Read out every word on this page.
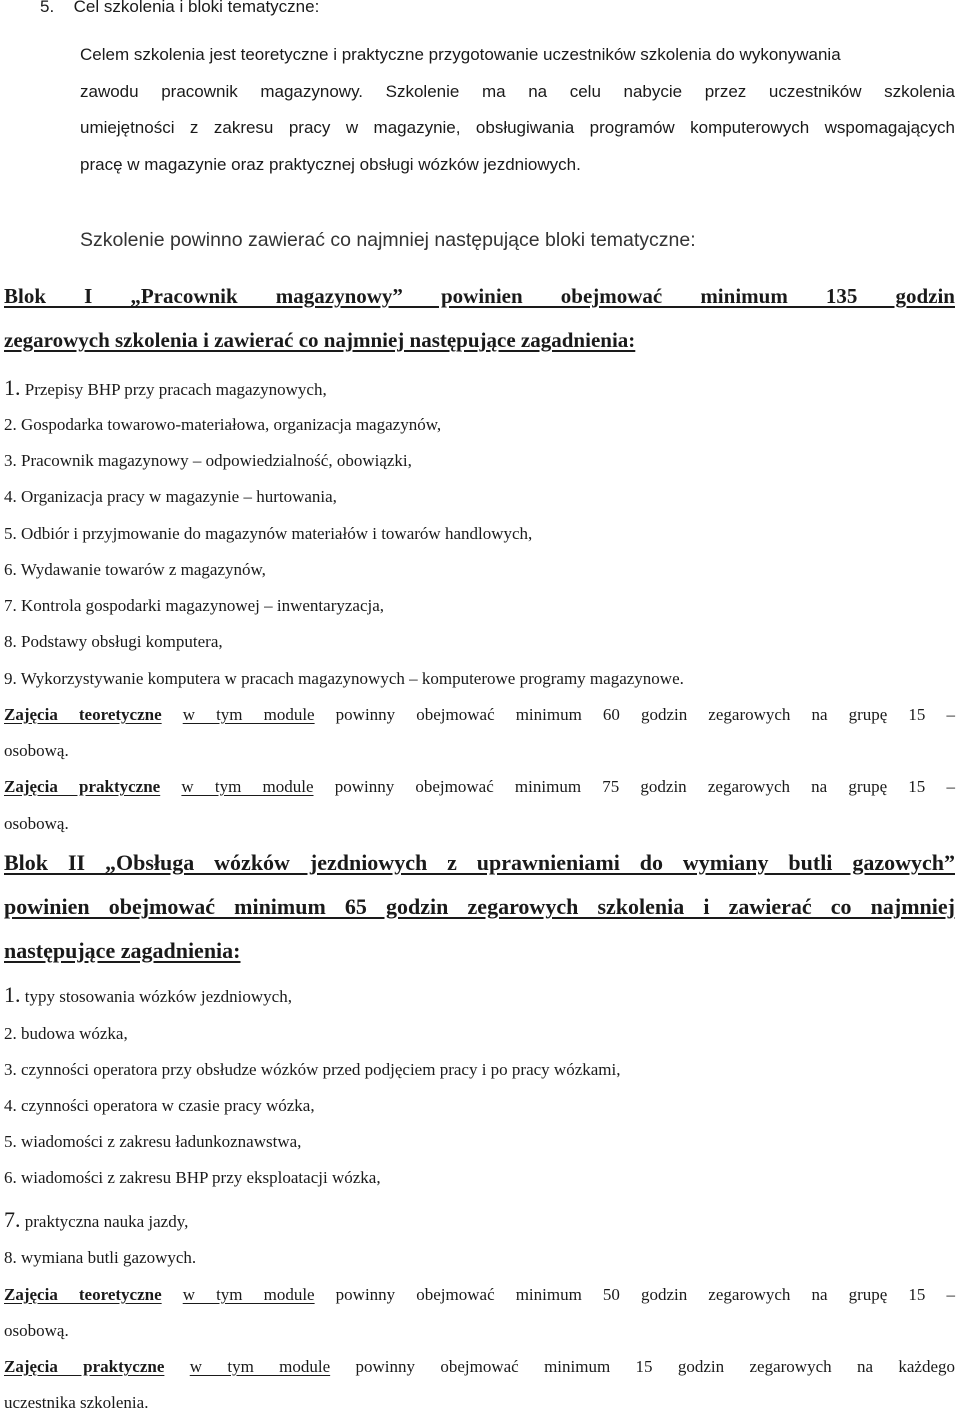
5. Cel szkolenia i bloki tematyczne:
Celem szkolenia jest teoretyczne i praktyczne przygotowanie uczestników szkolenia do wykonywania
zawodu pracownik magazynowy. Szkolenie ma na celu nabycie przez uczestników szkolenia
umiejętności z zakresu pracy w magazynie, obsługiwania programów komputerowych wspomagających
pracę w magazynie oraz praktycznej obsługi wózków jezdniowych.
Szkolenie powinno zawierać co najmniej następujące bloki tematyczne:
Blok I „Pracownik magazynowy” powinien obejmować minimum 135 godzin
zegarowych szkolenia i zawierać co najmniej następujące zagadnienia:
1. Przepisy BHP przy pracach magazynowych,
2. Gospodarka towarowo-materiałowa, organizacja magazynów,
3. Pracownik magazynowy – odpowiedzialność, obowiązki,
4. Organizacja pracy w magazynie – hurtowania,
5. Odbiór i przyjmowanie do magazynów materiałów i towarów handlowych,
6. Wydawanie towarów z magazynów,
7. Kontrola gospodarki magazynowej – inwentaryzacja,
8. Podstawy obsługi komputera,
9. Wykorzystywanie komputera w pracach magazynowych – komputerowe programy magazynowe.
Zajęcia teoretyczne w tym module powinny obejmować minimum 60 godzin zegarowych na grupę 15 –
osobową.
Zajęcia praktyczne w tym module powinny obejmować minimum 75 godzin zegarowych na grupę 15 –
osobową.
Blok II „Obsługa wózków jezdniowych z uprawnieniami do wymiany butli gazowych”
powinien obejmować minimum 65 godzin zegarowych szkolenia i zawierać co najmniej
następujące zagadnienia:
1. typy stosowania wózków jezdniowych,
2. budowa wózka,
3. czynności operatora przy obsłudze wózków przed podjęciem pracy i po pracy wózkami,
4. czynności operatora w czasie pracy wózka,
5. wiadomości z zakresu ładunkoznawstwa,
6. wiadomości z zakresu BHP przy eksploatacji wózka,
7. praktyczna nauka jazdy,
8. wymiana butli gazowych.
Zajęcia teoretyczne w tym module powinny obejmować minimum 50 godzin zegarowych na grupę 15 –
osobową.
Zajęcia praktyczne w tym module powinny obejmować minimum 15 godzin zegarowych na każdego
uczestnika szkolenia.
